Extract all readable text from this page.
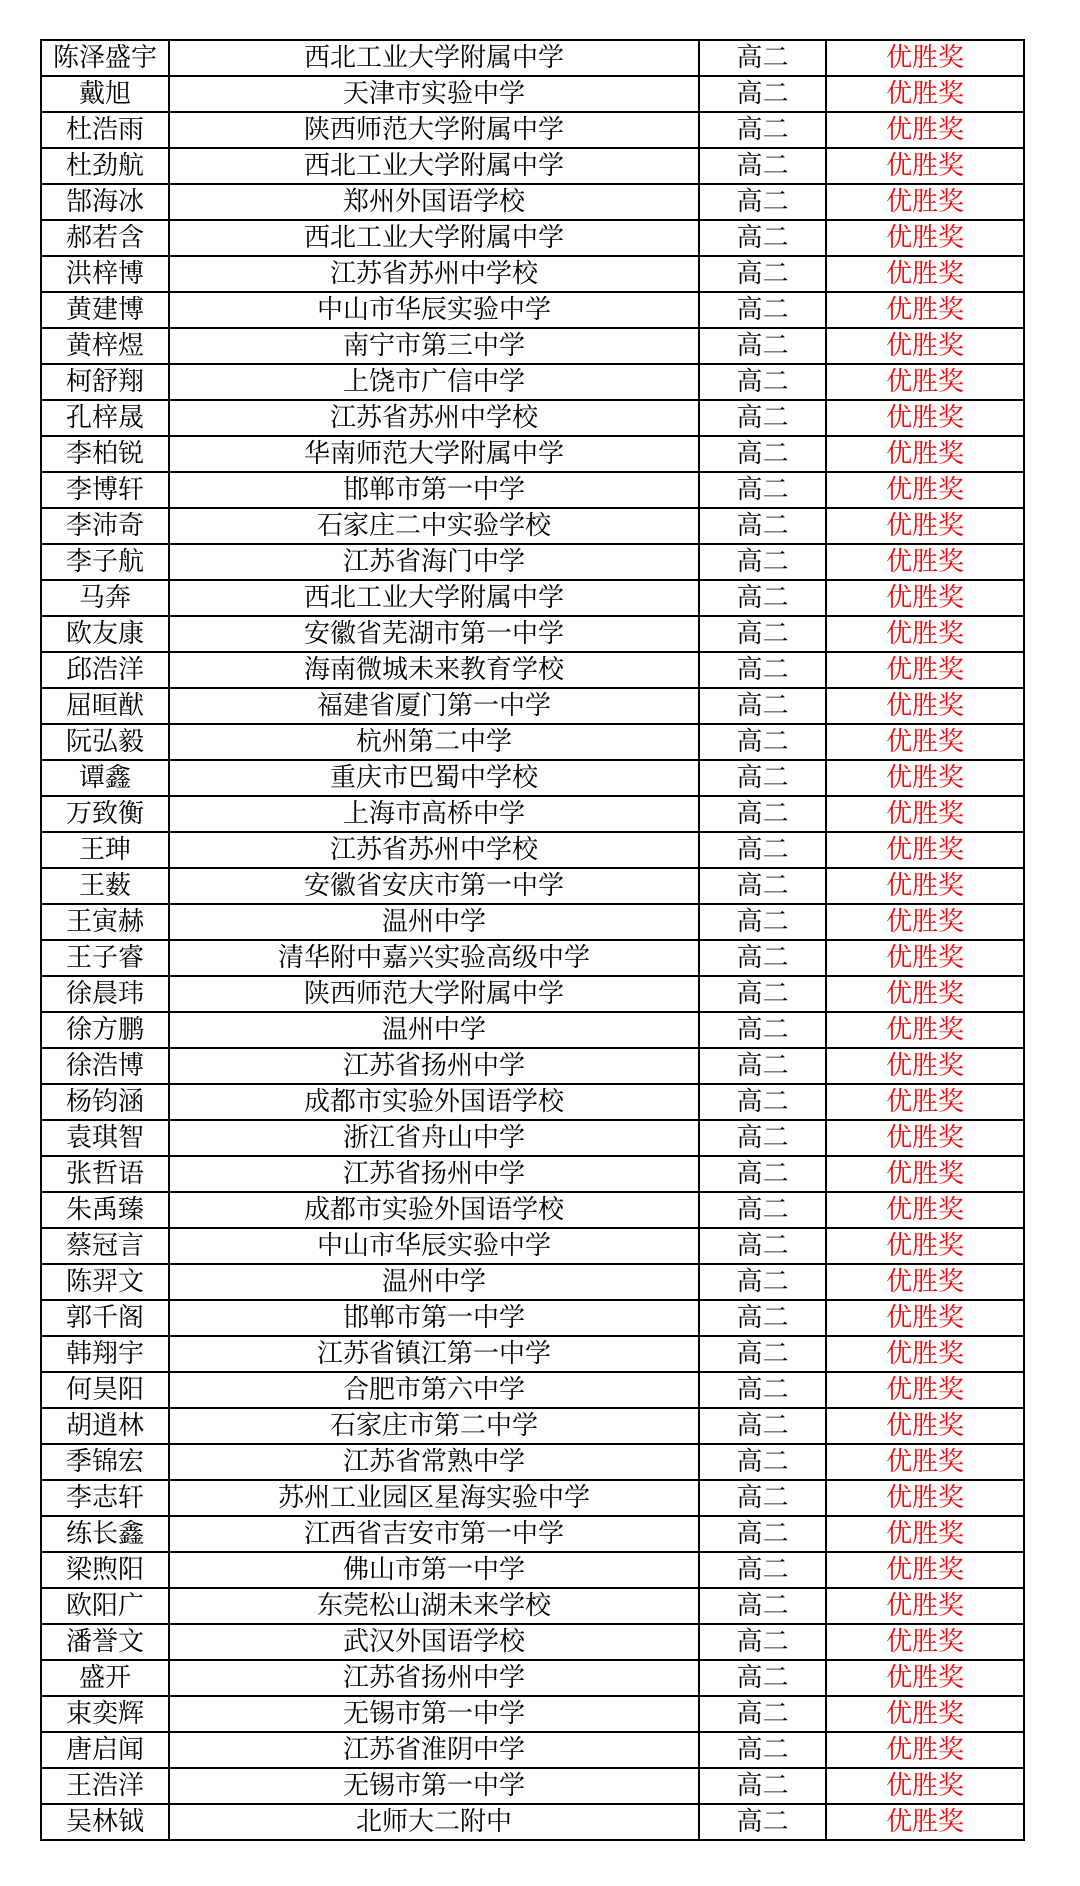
陈泽盛宇	西北工业大学附属中学	高二	优胜奖
戴旭	天津市实验中学	高二	优胜奖
杜浩雨	陕西师范大学附属中学	高二	优胜奖
杜劲航	西北工业大学附属中学	高二	优胜奖
郜海冰	郑州外国语学校	高二	优胜奖
郝若含	西北工业大学附属中学	高二	优胜奖
洪梓博	江苏省苏州中学校	高二	优胜奖
黄建博	中山市华辰实验中学	高二	优胜奖
黄梓煜	南宁市第三中学	高二	优胜奖
柯舒翔	上饶市广信中学	高二	优胜奖
孔梓晟	江苏省苏州中学校	高二	优胜奖
李柏锐	华南师范大学附属中学	高二	优胜奖
李博轩	邯郸市第一中学	高二	优胜奖
李沛奇	石家庄二中实验学校	高二	优胜奖
李子航	江苏省海门中学	高二	优胜奖
马奔	西北工业大学附属中学	高二	优胜奖
欧友康	安徽省芜湖市第一中学	高二	优胜奖
邱浩洋	海南微城未来教育学校	高二	优胜奖
屈晅猷	福建省厦门第一中学	高二	优胜奖
阮弘毅	杭州第二中学	高二	优胜奖
谭鑫	重庆市巴蜀中学校	高二	优胜奖
万致衡	上海市高桥中学	高二	优胜奖
王珅	江苏省苏州中学校	高二	优胜奖
王薮	安徽省安庆市第一中学	高二	优胜奖
王寅赫	温州中学	高二	优胜奖
王子睿	清华附中嘉兴实验高级中学	高二	优胜奖
徐晨玮	陕西师范大学附属中学	高二	优胜奖
徐方鹏	温州中学	高二	优胜奖
徐浩博	江苏省扬州中学	高二	优胜奖
杨钧涵	成都市实验外国语学校	高二	优胜奖
袁琪智	浙江省舟山中学	高二	优胜奖
张哲语	江苏省扬州中学	高二	优胜奖
朱禹臻	成都市实验外国语学校	高二	优胜奖
蔡冠言	中山市华辰实验中学	高二	优胜奖
陈羿文	温州中学	高二	优胜奖
郭千阁	邯郸市第一中学	高二	优胜奖
韩翔宇	江苏省镇江第一中学	高二	优胜奖
何昊阳	合肥市第六中学	高二	优胜奖
胡逍林	石家庄市第二中学	高二	优胜奖
季锦宏	江苏省常熟中学	高二	优胜奖
李志轩	苏州工业园区星海实验中学	高二	优胜奖
练长鑫	江西省吉安市第一中学	高二	优胜奖
梁煦阳	佛山市第一中学	高二	优胜奖
欧阳广	东莞松山湖未来学校	高二	优胜奖
潘誉文	武汉外国语学校	高二	优胜奖
盛开	江苏省扬州中学	高二	优胜奖
束奕辉	无锡市第一中学	高二	优胜奖
唐启闻	江苏省淮阴中学	高二	优胜奖
王浩洋	无锡市第一中学	高二	优胜奖
吴林钺	北师大二附中	高二	优胜奖
